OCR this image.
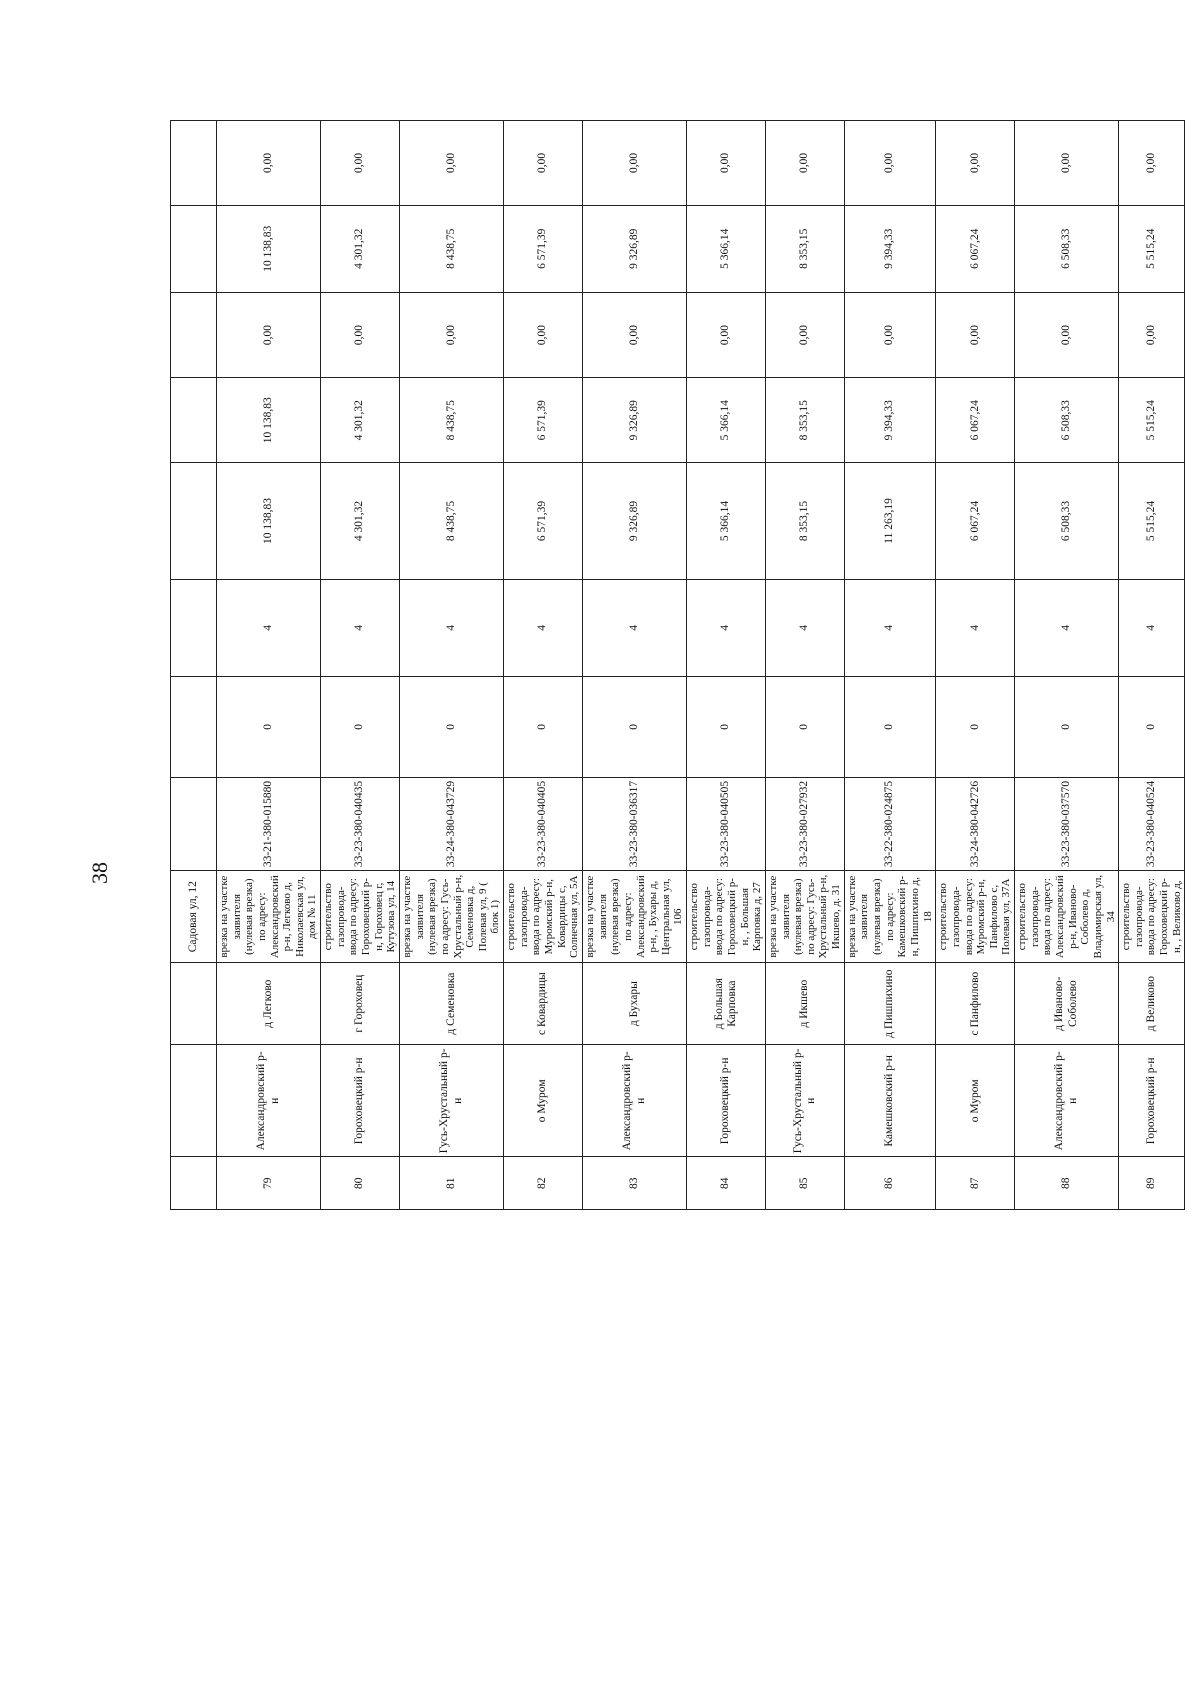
38
			Садовая ул, 12								
79	Александровский р-н	д Легково	врезка на участке заявителя (нулевая врезка) по адресу: Александровский р-н, Легково д, Николаевская ул, дом № 11	33-21-380-015880	0	4	10 138,83	10 138,83	0,00	10 138,83	0,00
80	Гороховецкий р-н	г Гороховец	строительство газопровода-ввода по адресу: Гороховецкий р-н, Гороховец г, Кутузова ул, 14	33-23-380-040435	0	4	4 301,32	4 301,32	0,00	4 301,32	0,00
81	Гусь-Хрустальный р-н	д Семеновка	врезка на участке заявителя (нулевая врезка) по адресу: Гусь-Хрустальный р-н, Семеновка д, Полевая ул, 9 ( блок 1)	33-24-380-043729	0	4	8 438,75	8 438,75	0,00	8 438,75	0,00
82	о Муром	с Ковардицы	строительство газопровода-ввода по адресу: Муромский р-н, Ковардицы с, Солнечная ул, 5А	33-23-380-040405	0	4	6 571,39	6 571,39	0,00	6 571,39	0,00
83	Александровский р-н	д Бухары	врезка на участке заявителя (нулевая врезка) по адресу: Александровский р-н, , Бухары д, Центральная ул, 106	33-23-380-036317	0	4	9 326,89	9 326,89	0,00	9 326,89	0,00
84	Гороховецкий р-н	д Большая Карповка	строительство газопровода-ввода по адресу: Гороховецкий р-н, , Большая Карповка д, 27	33-23-380-040505	0	4	5 366,14	5 366,14	0,00	5 366,14	0,00
85	Гусь-Хрустальный р-н	д Икшево	врезка на участке заявителя (нулевая врезка) по адресу: Гусь-Хрустальный р-н, Икшево, д. 31	33-23-380-027932	0	4	8 353,15	8 353,15	0,00	8 353,15	0,00
86	Камешковский р-н	д Пишпихино	врезка на участке заявителя (нулевая врезка) по адресу: Камешковский р-н, Пишпихино д, 18	33-22-380-024875	0	4	11 263,19	9 394,33	0,00	9 394,33	0,00
87	о Муром	с Панфилово	строительство газопровода-ввода по адресу: Муромский р-н, Панфилово с, Полевая ул, 37А	33-24-380-042726	0	4	6 067,24	6 067,24	0,00	6 067,24	0,00
88	Александровский р-н	д Иваново-Соболево	строительство газопровода-ввода по адресу: Александровский р-н, Иваново-Соболево д, Владимирская ул, 34	33-23-380-037570	0	4	6 508,33	6 508,33	0,00	6 508,33	0,00
89	Гороховецкий р-н	д Великово	строительство газопровода-ввода по адресу: Гороховецкий р-н, , Великово д,	33-23-380-040524	0	4	5 515,24	5 515,24	0,00	5 515,24	0,00
